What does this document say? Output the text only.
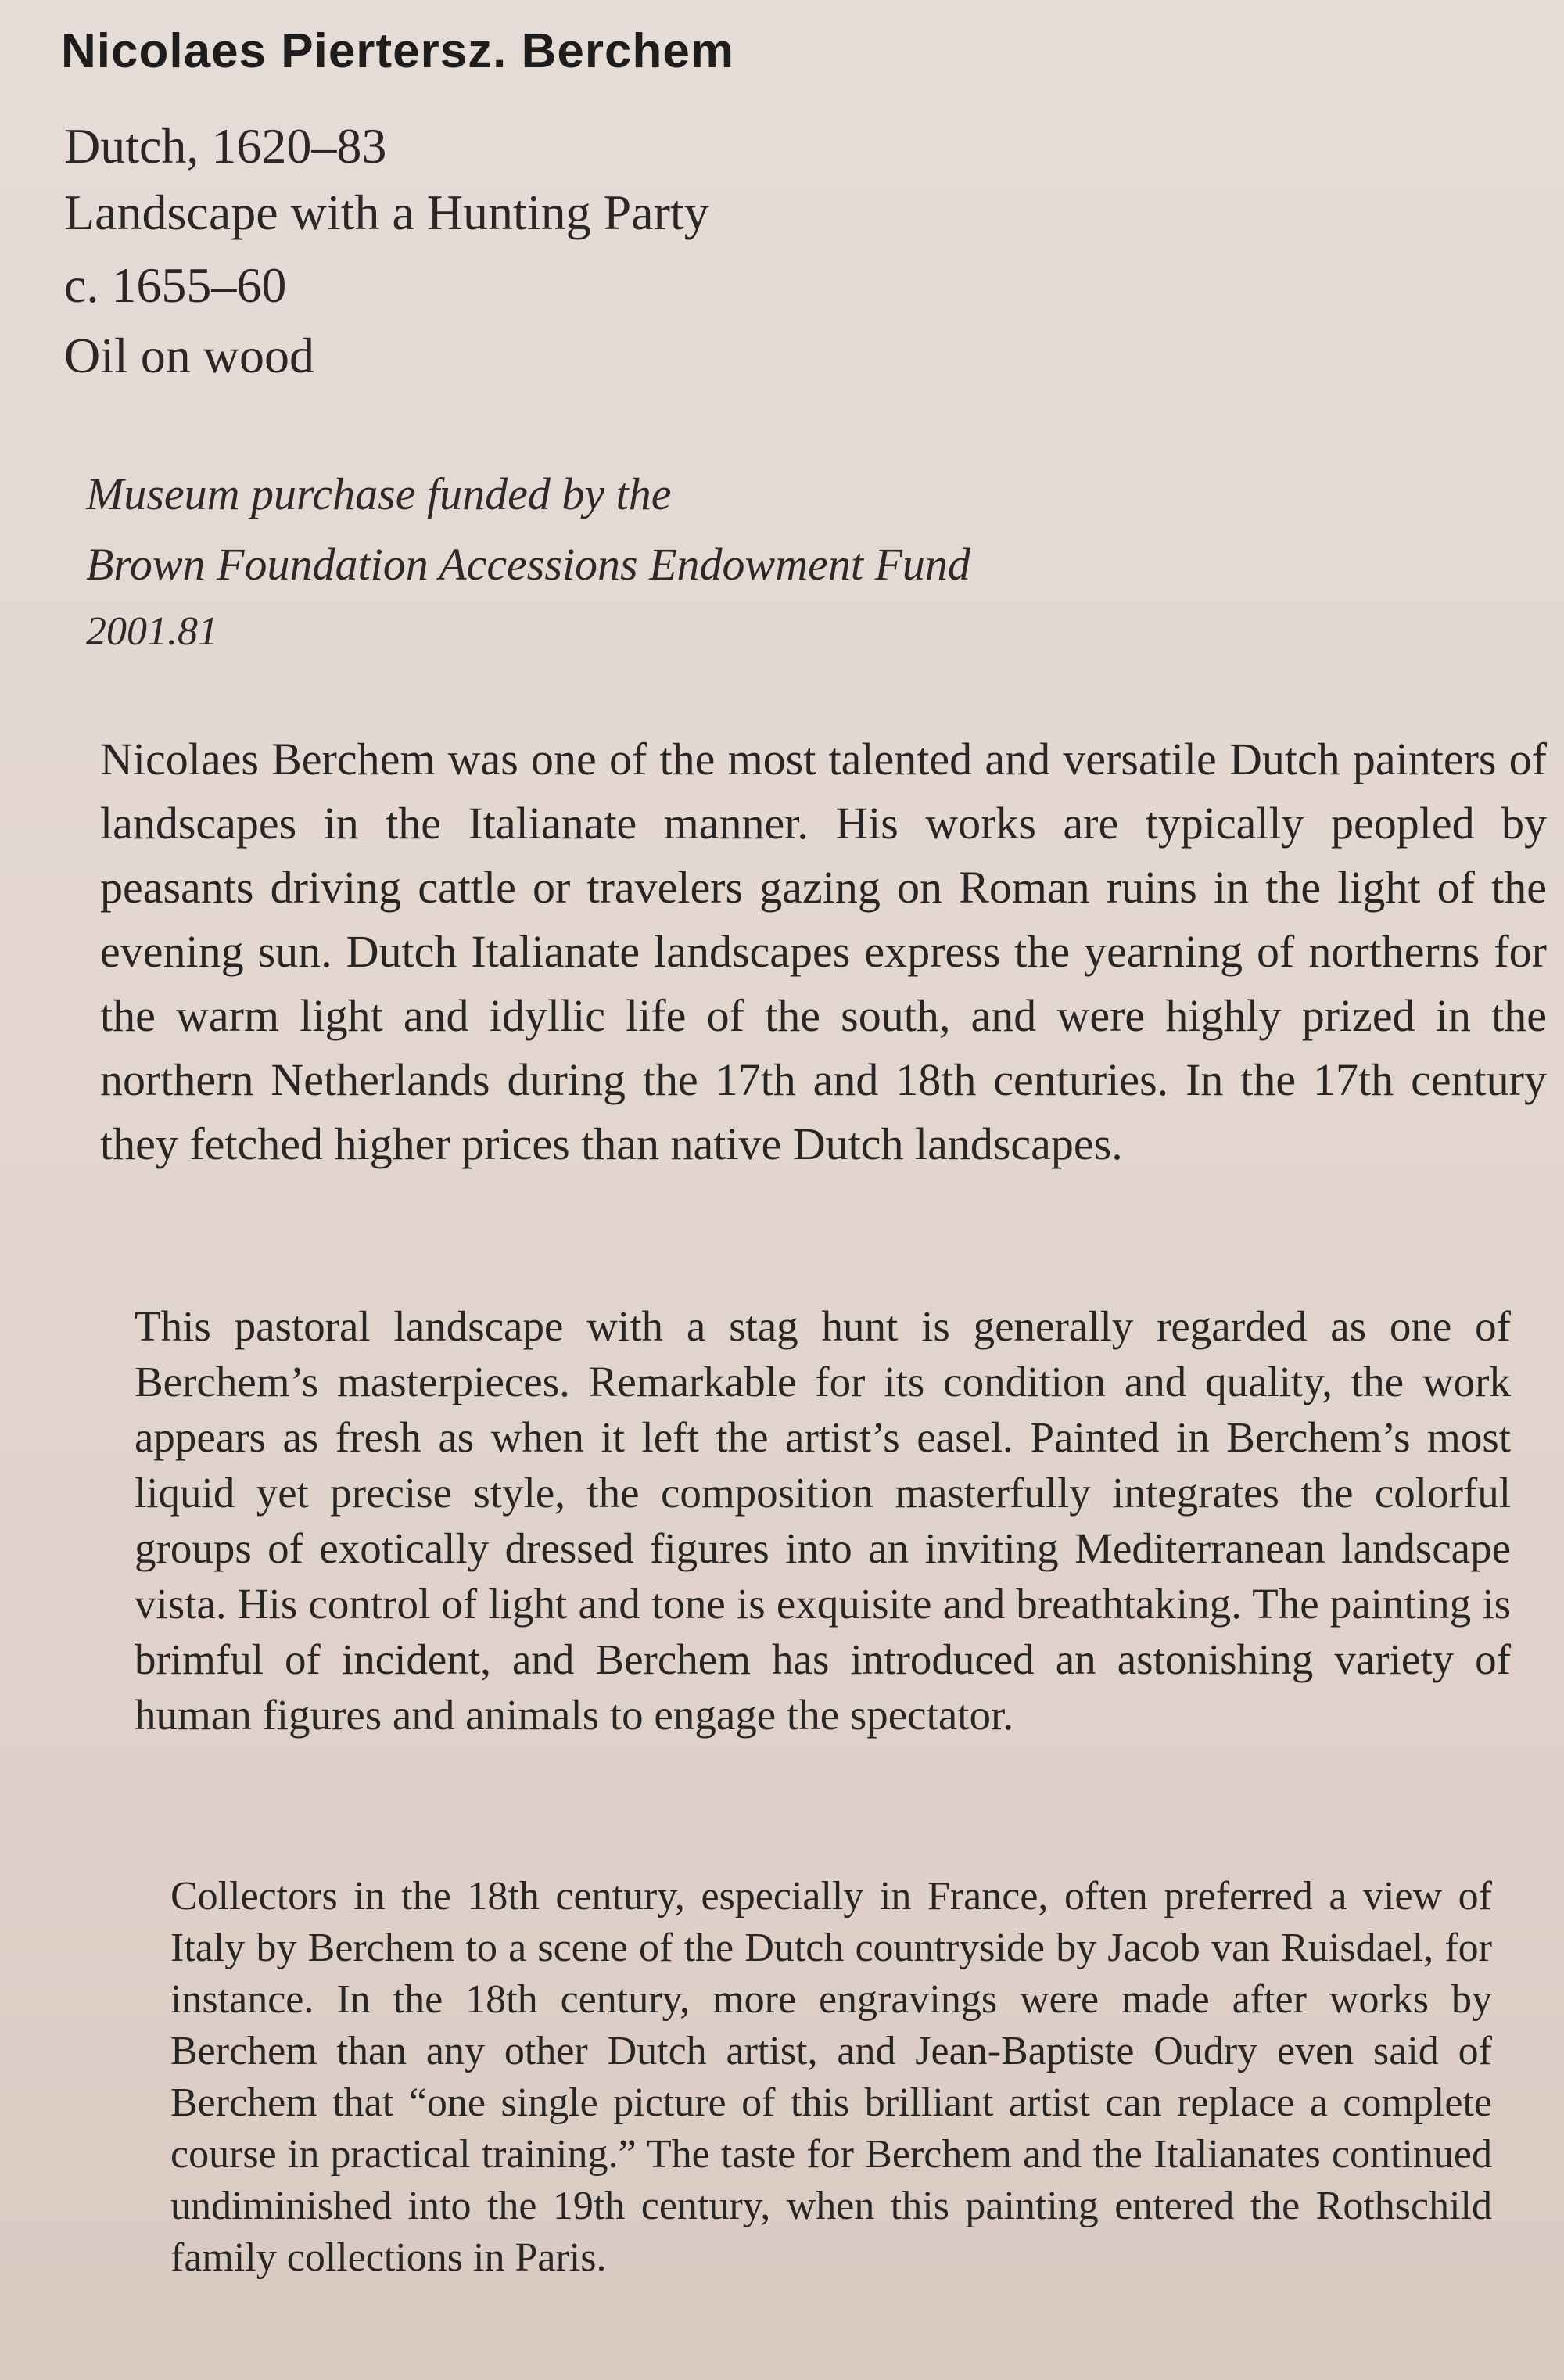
Nicolaes Piertersz. Berchem
Dutch, 1620–83
Landscape with a Hunting Party
c. 1655–60
Oil on wood
Museum purchase funded by the
Brown Foundation Accessions Endowment Fund
2001.81
Nicolaes Berchem was one of the most talented and versatile Dutch painters of landscapes in the Italianate manner. His works are typically peopled by peasants driving cattle or travelers gazing on Roman ruins in the light of the evening sun. Dutch Italianate landscapes express the yearning of northerns for the warm light and idyllic life of the south, and were highly prized in the northern Netherlands during the 17th and 18th centuries. In the 17th century they fetched higher prices than native Dutch landscapes.
This pastoral landscape with a stag hunt is generally regarded as one of Berchem’s masterpieces. Remarkable for its condition and quality, the work appears as fresh as when it left the artist’s easel. Painted in Berchem’s most liquid yet precise style, the composition masterfully integrates the colorful groups of exotically dressed figures into an inviting Mediterranean landscape vista. His control of light and tone is exquisite and breathtaking. The painting is brimful of incident, and Berchem has introduced an astonishing variety of human figures and animals to engage the spectator.
Collectors in the 18th century, especially in France, often preferred a view of Italy by Berchem to a scene of the Dutch countryside by Jacob van Ruisdael, for instance. In the 18th century, more engravings were made after works by Berchem than any other Dutch artist, and Jean-Baptiste Oudry even said of Berchem that “one single picture of this brilliant artist can replace a complete course in practical training.” The taste for Berchem and the Italianates continued undiminished into the 19th century, when this painting entered the Rothschild family collections in Paris.
